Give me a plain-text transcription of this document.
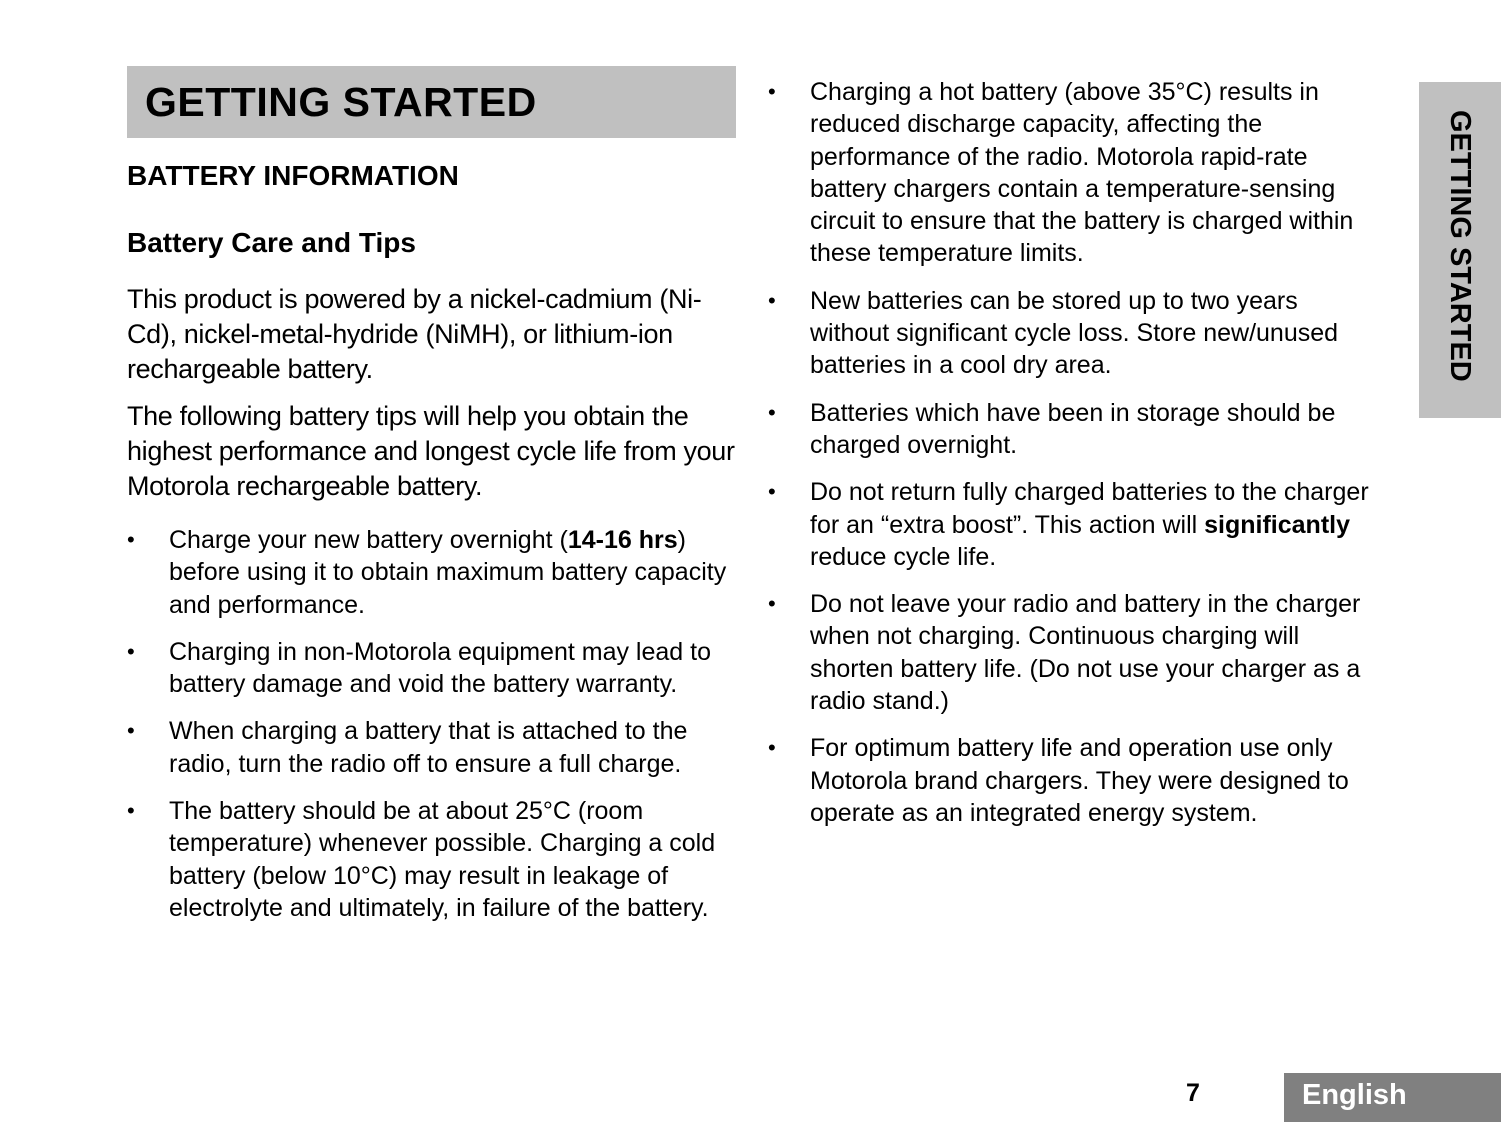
GETTING STARTED
BATTERY INFORMATION
Battery Care and Tips

This product is powered by a nickel-cadmium (Ni-Cd), nickel-metal-hydride (NiMH), or lithium-ion rechargeable battery.

The following battery tips will help you obtain the highest performance and longest cycle life from your Motorola rechargeable battery.

• Charge your new battery overnight (14-16 hrs) before using it to obtain maximum battery capacity and performance.
• Charging in non-Motorola equipment may lead to battery damage and void the battery warranty.
• When charging a battery that is attached to the radio, turn the radio off to ensure a full charge.
• The battery should be at about 25°C (room temperature) whenever possible. Charging a cold battery (below 10°C) may result in leakage of electrolyte and ultimately, in failure of the battery.
• Charging a hot battery (above 35°C) results in reduced discharge capacity, affecting the performance of the radio. Motorola rapid-rate battery chargers contain a temperature-sensing circuit to ensure that the battery is charged within these temperature limits.
• New batteries can be stored up to two years without significant cycle loss. Store new/unused batteries in a cool dry area.
• Batteries which have been in storage should be charged overnight.
• Do not return fully charged batteries to the charger for an “extra boost”. This action will significantly reduce cycle life.
• Do not leave your radio and battery in the charger when not charging. Continuous charging will shorten battery life. (Do not use your charger as a radio stand.)
• For optimum battery life and operation use only Motorola brand chargers. They were designed to operate as an integrated energy system.
GETTING STARTED
7	English
